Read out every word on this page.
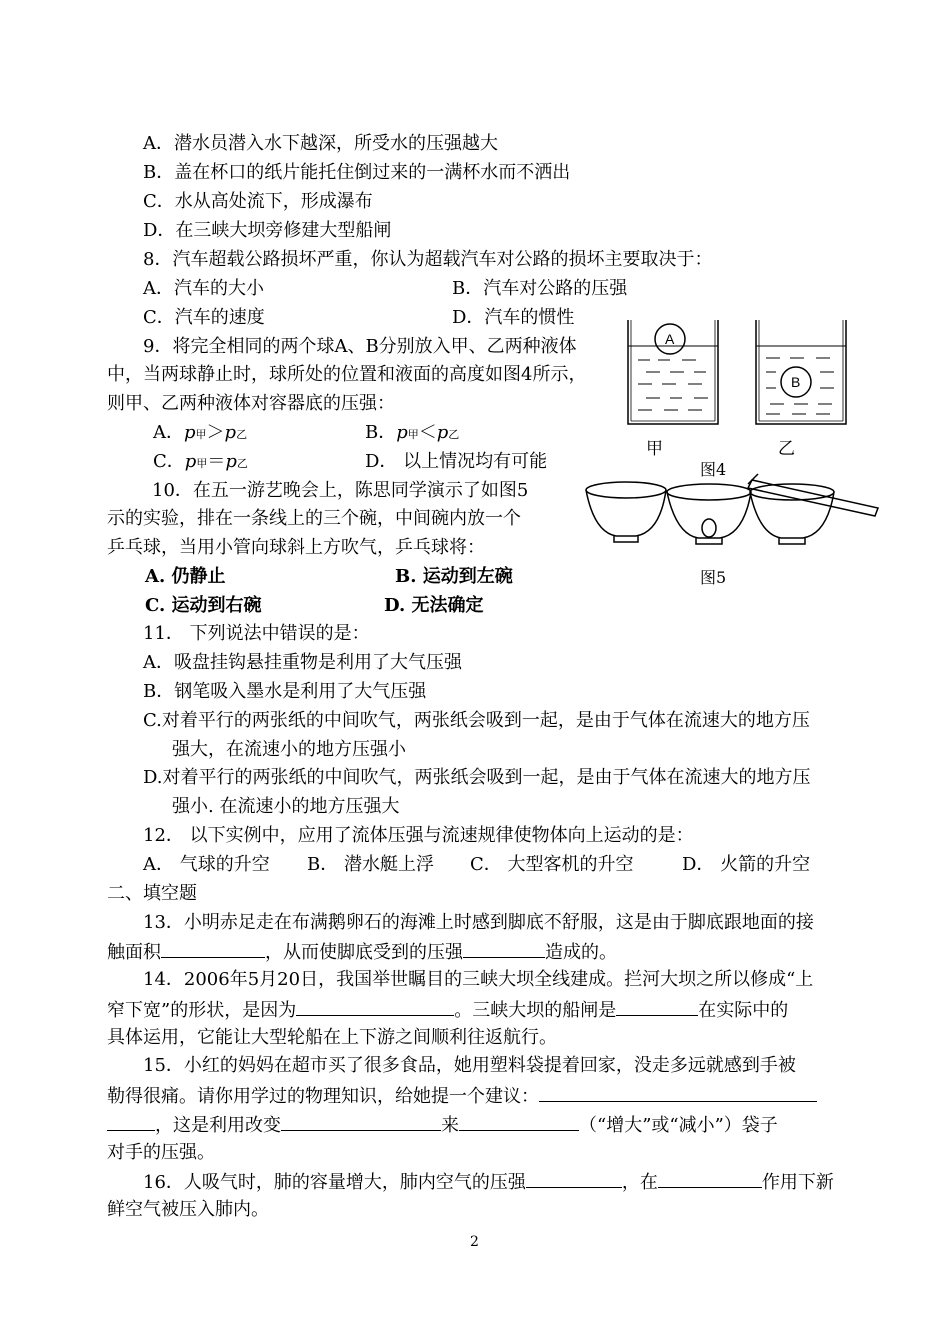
A．潜水员潜入水下越深，所受水的压强越大
B．盖在杯口的纸片能托住倒过来的一满杯水而不洒出
C．水从高处流下，形成瀑布
D．在三峡大坝旁修建大型船闸
8．汽车超载公路损坏严重，你认为超载汽车对公路的损坏主要取决于：
A．汽车的大小	B．汽车对公路的压强
C．汽车的速度	D．汽车的惯性
9．将完全相同的两个球A、B分别放入甲、乙两种液体
中，当两球静止时，球所处的位置和液面的高度如图4所示，
则甲、乙两种液体对容器底的压强：
A．p甲＞p乙	B．p甲＜p乙
C．p甲＝p乙	D． 以上情况均有可能
A
B
甲	乙
图4
10．在五一游艺晚会上，陈思同学演示了如图5
示的实验，排在一条线上的三个碗，中间碗内放一个
乒乓球，当用小管向球斜上方吹气，乒乓球将：
A. 仍静止	B. 运动到左碗
C. 运动到右碗	D. 无法确定
图5
11． 下列说法中错误的是：
A．吸盘挂钩悬挂重物是利用了大气压强
B．钢笔吸入墨水是利用了大气压强
C.对着平行的两张纸的中间吹气，两张纸会吸到一起，是由于气体在流速大的地方压
强大，在流速小的地方压强小
D.对着平行的两张纸的中间吹气，两张纸会吸到一起，是由于气体在流速大的地方压
强小. 在流速小的地方压强大
12． 以下实例中，应用了流体压强与流速规律使物体向上运动的是：
A． 气球的升空 B． 潜水艇上浮 C． 大型客机的升空	D． 火箭的升空
二、填空题
13．小明赤足走在布满鹅卵石的海滩上时感到脚底不舒服，这是由于脚底跟地面的接
触面积	，从而使脚底受到的压强	造成的。
14．2006年5月20日，我国举世瞩目的三峡大坝全线建成。拦河大坝之所以修成“上
窄下宽”的形状，是因为	。三峡大坝的船闸是	在实际中的
具体运用，它能让大型轮船在上下游之间顺利往返航行。
15．小红的妈妈在超市买了很多食品，她用塑料袋提着回家，没走多远就感到手被
勒得很痛。请你用学过的物理知识，给她提一个建议：
，这是利用改变	来	（“增大”或“减小”）袋子
对手的压强。
16．人吸气时，肺的容量增大，肺内空气的压强	，在	作用下新
鲜空气被压入肺内。
2
